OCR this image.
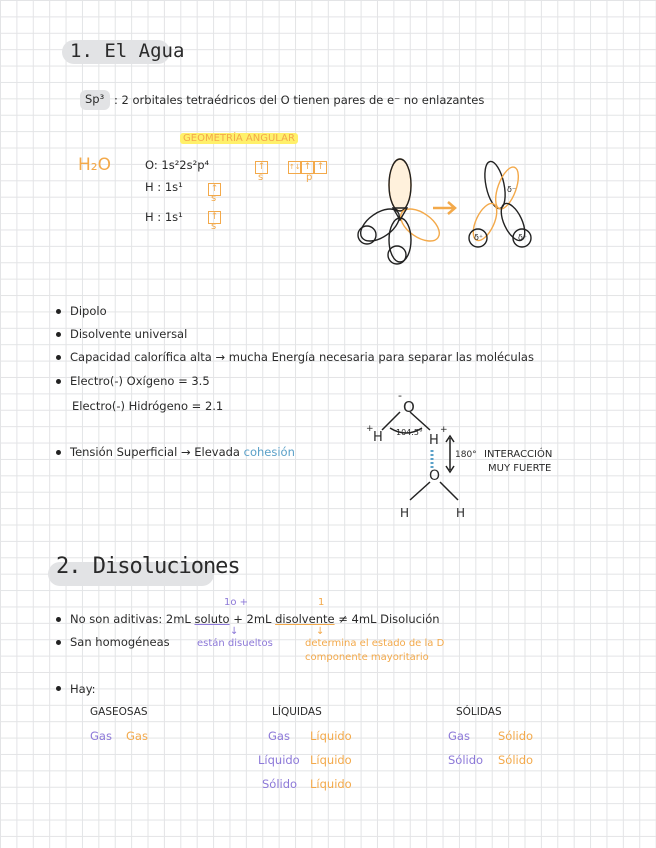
1. El Agua
Sp³ : 2 orbitales tetraédricos del O tienen pares de e⁻ no enlazantes
GEOMETRÍA ANGULAR
H₂O	O: 1s²2s²p⁴
H : 1s¹
H : 1s¹
↑
s
↑↓ ↑ ↑
p
↑
s
↑
s
δ⁻
δ⁺	δ⁺
Dipolo
Disolvente universal
Capacidad calorífica alta → mucha Energía necesaria para separar las moléculas
Electro(-) Oxígeno = 3.5
Electro(-) Hidrógeno = 2.1
Tensión Superficial → Elevada cohesión
-
O
+
H 104.5° +
H
180°
O
H	H
INTERACCIÓN
MUY FUERTE
2. Disoluciones
1o +	1
No son aditivas: 2mL soluto + 2mL disolvente ≠ 4mL Disolución
San homogéneas
↓
están disueltos
↓
determina el estado de la D
componente mayoritario
Hay:
GASEOSAS
Gas Gas
LÍQUIDAS
Gas Líquido
Líquido Líquido
Sólido Líquido
SÓLIDAS
Gas Sólido
Sólido Sólido
